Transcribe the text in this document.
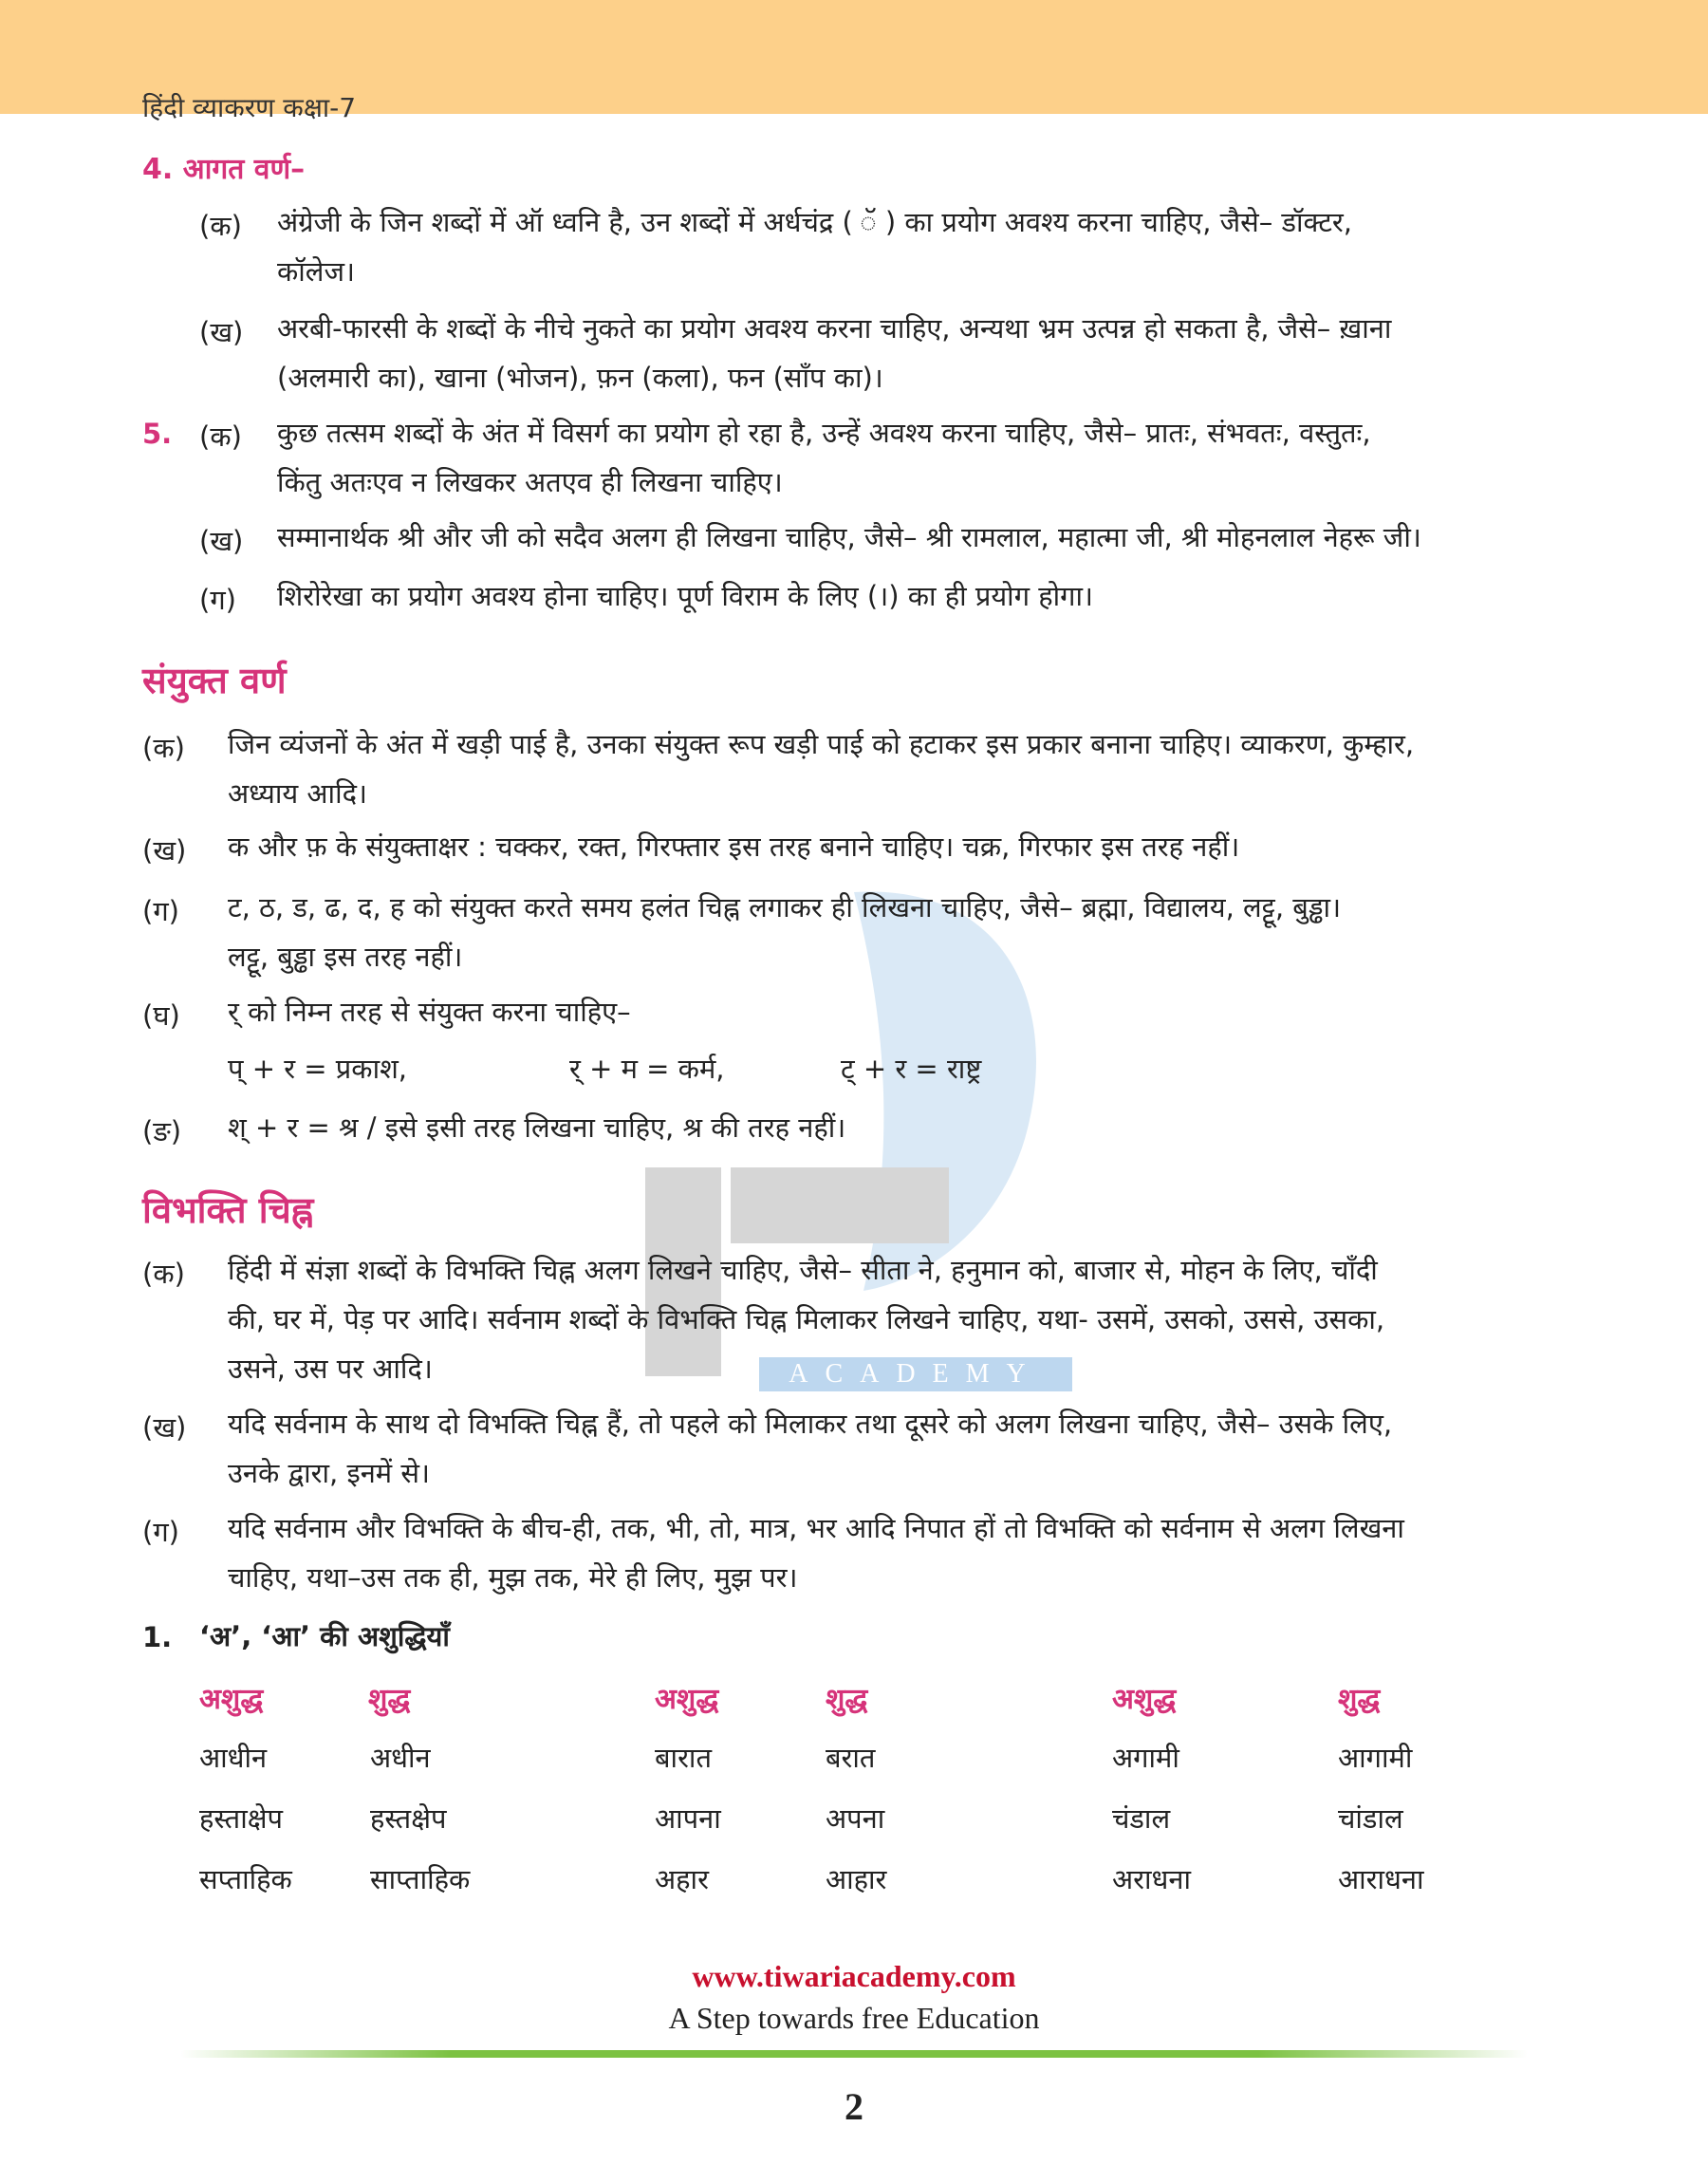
हिंदी व्याकरण कक्षा-7
ACADEMY
4. आगत वर्ण–
(क) अंग्रेजी के जिन शब्दों में ऑ ध्वनि है, उन शब्दों में अर्धचंद्र ( ॅ ) का प्रयोग अवश्य करना चाहिए, जैसे– डॉक्टर,
कॉलेज।
(ख) अरबी-फारसी के शब्दों के नीचे नुकते का प्रयोग अवश्य करना चाहिए, अन्यथा भ्रम उत्पन्न हो सकता है, जैसे– ख़ाना
(अलमारी का), खाना (भोजन), फ़न (कला), फन (साँप का)।
5. (क) कुछ तत्सम शब्दों के अंत में विसर्ग का प्रयोग हो रहा है, उन्हें अवश्य करना चाहिए, जैसे– प्रातः, संभवतः, वस्तुतः,
किंतु अतःएव न लिखकर अतएव ही लिखना चाहिए।
(ख) सम्मानार्थक श्री और जी को सदैव अलग ही लिखना चाहिए, जैसे– श्री रामलाल, महात्मा जी, श्री मोहनलाल नेहरू जी।
(ग) शिरोरेखा का प्रयोग अवश्य होना चाहिए। पूर्ण विराम के लिए (।) का ही प्रयोग होगा।
संयुक्त वर्ण
(क) जिन व्यंजनों के अंत में खड़ी पाई है, उनका संयुक्त रूप खड़ी पाई को हटाकर इस प्रकार बनाना चाहिए। व्याकरण, कुम्हार,
अध्याय आदि।
(ख) क और फ़ के संयुक्ताक्षर : चक्कर, रक्त, गिरफ्तार इस तरह बनाने चाहिए। चक्र, गिरफार इस तरह नहीं।
(ग) ट, ठ, ड, ढ, द, ह को संयुक्त करते समय हलंत चिह्न लगाकर ही लिखना चाहिए, जैसे– ब्रह्मा, विद्यालय, लट्टू, बुड्ढा।
लट्टू, बुड्ढा इस तरह नहीं।
(घ) र् को निम्न तरह से संयुक्त करना चाहिए–
प् + र = प्रकाश,	र् + म = कर्म,	ट् + र = राष्ट्र
(ङ) श् + र = श्र / इसे इसी तरह लिखना चाहिए, श्र की तरह नहीं।
विभक्ति चिह्न
(क) हिंदी में संज्ञा शब्दों के विभक्ति चिह्न अलग लिखने चाहिए, जैसे– सीता ने, हनुमान को, बाजार से, मोहन के लिए, चाँदी
की, घर में, पेड़ पर आदि। सर्वनाम शब्दों के विभक्ति चिह्न मिलाकर लिखने चाहिए, यथा- उसमें, उसको, उससे, उसका,
उसने, उस पर आदि।
(ख) यदि सर्वनाम के साथ दो विभक्ति चिह्न हैं, तो पहले को मिलाकर तथा दूसरे को अलग लिखना चाहिए, जैसे– उसके लिए,
उनके द्वारा, इनमें से।
(ग) यदि सर्वनाम और विभक्ति के बीच-ही, तक, भी, तो, मात्र, भर आदि निपात हों तो विभक्ति को सर्वनाम से अलग लिखना
चाहिए, यथा–उस तक ही, मुझ तक, मेरे ही लिए, मुझ पर।
1. ‘अ’, ‘आ’ की अशुद्धियाँ
अशुद्ध	शुद्ध	अशुद्ध	शुद्ध	अशुद्ध	शुद्ध
आधीन	अधीन	बारात	बरात	अगामी	आगामी
हस्ताक्षेप	हस्तक्षेप	आपना	अपना	चंडाल	चांडाल
सप्ताहिक	साप्ताहिक	अहार	आहार	अराधना	आराधना
www.tiwariacademy.com
A Step towards free Education
2
